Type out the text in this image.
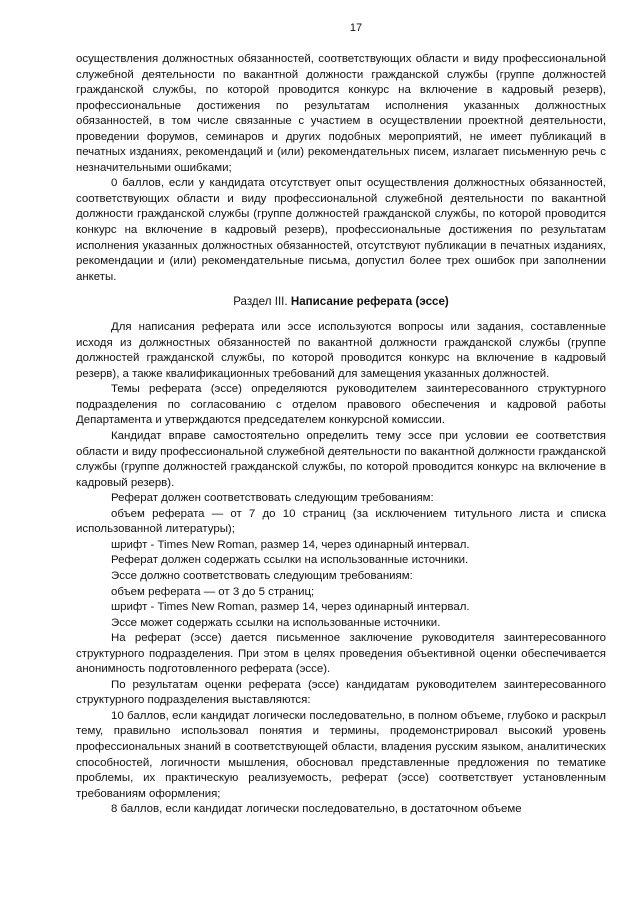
17

осуществления должностных обязанностей, соответствующих области и виду профессиональной служебной деятельности по вакантной должности гражданской службы (группе должностей гражданской службы, по которой проводится конкурс на включение в кадровый резерв), профессиональные достижения по результатам исполнения указанных должностных обязанностей, в том числе связанные с участием в осуществлении проектной деятельности, проведении форумов, семинаров и других подобных мероприятий, не имеет публикаций в печатных изданиях, рекомендаций и (или) рекомендательных писем, излагает письменную речь с незначительными ошибками;

0 баллов, если у кандидата отсутствует опыт осуществления должностных обязанностей, соответствующих области и виду профессиональной служебной деятельности по вакантной должности гражданской службы (группе должностей гражданской службы, по которой проводится конкурс на включение в кадровый резерв), профессиональные достижения по результатам исполнения указанных должностных обязанностей, отсутствуют публикации в печатных изданиях, рекомендации и (или) рекомендательные письма, допустил более трех ошибок при заполнении анкеты.

Раздел III. Написание реферата (эссе)

Для написания реферата или эссе используются вопросы или задания, составленные исходя из должностных обязанностей по вакантной должности гражданской службы (группе должностей гражданской службы, по которой проводится конкурс на включение в кадровый резерв), а также квалификационных требований для замещения указанных должностей.

Темы реферата (эссе) определяются руководителем заинтересованного структурного подразделения по согласованию с отделом правового обеспечения и кадровой работы Департамента и утверждаются председателем конкурсной комиссии.

Кандидат вправе самостоятельно определить тему эссе при условии ее соответствия области и виду профессиональной служебной деятельности по вакантной должности гражданской службы (группе должностей гражданской службы, по которой проводится конкурс на включение в кадровый резерв).

Реферат должен соответствовать следующим требованиям:

объем реферата — от 7 до 10 страниц (за исключением титульного листа и списка использованной литературы);

шрифт - Times New Roman, размер 14, через одинарный интервал.

Реферат должен содержать ссылки на использованные источники.

Эссе должно соответствовать следующим требованиям:

объем реферата — от 3 до 5 страниц;

шрифт - Times New Roman, размер 14, через одинарный интервал.

Эссе может содержать ссылки на использованные источники.

На реферат (эссе) дается письменное заключение руководителя заинтересованного структурного подразделения. При этом в целях проведения объективной оценки обеспечивается анонимность подготовленного реферата (эссе).

По результатам оценки реферата (эссе) кандидатам руководителем заинтересованного структурного подразделения выставляются:

10 баллов, если кандидат логически последовательно, в полном объеме, глубоко и раскрыл тему, правильно использовал понятия и термины, продемонстрировал высокий уровень профессиональных знаний в соответствующей области, владения русским языком, аналитических способностей, логичности мышления, обосновал представленные предложения по тематике проблемы, их практическую реализуемость, реферат (эссе) соответствует установленным требованиям оформления;

8 баллов, если кандидат логически последовательно, в достаточном объеме
